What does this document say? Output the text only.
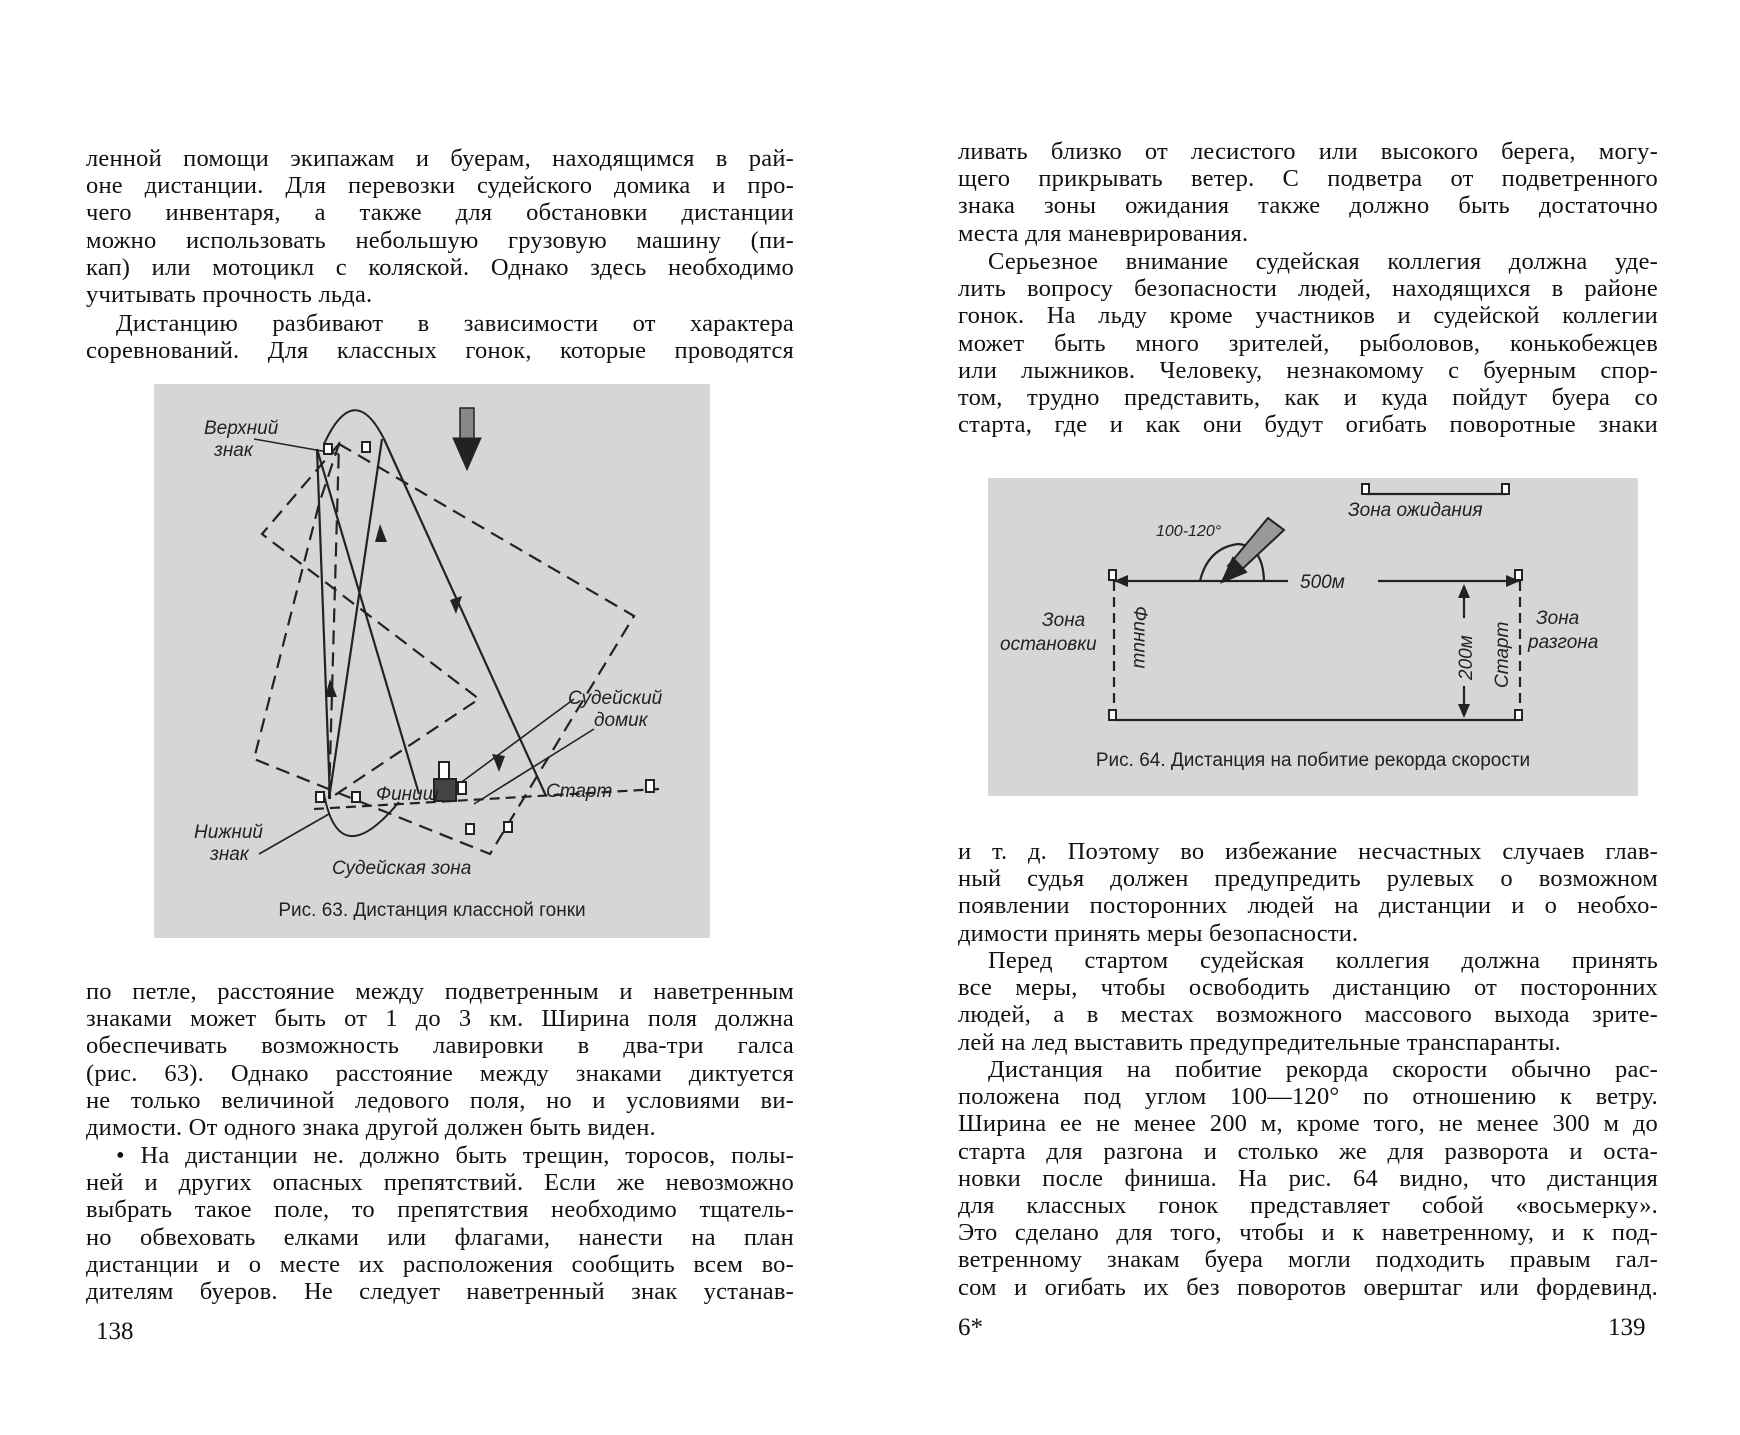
ленной помощи экипажам и буерам, находящимся в рай-
оне дистанции. Для перевозки судейского домика и про-
чего инвентаря, а также для обстановки дистанции
можно использовать небольшую грузовую машину (пи-
кап) или мотоцикл с коляской. Однако здесь необходимо
учитывать прочность льда.
Дистанцию разбивают в зависимости от характера
соревнований. Для классных гонок, которые проводятся
Верхний
знак
Судейский
домик
Финиш	Старт
Нижний
знак
Судейская зона
Рис. 63. Дистанция классной гонки
по петле, расстояние между подветренным и наветренным
знаками может быть от 1 до 3 км. Ширина поля должна
обеспечивать возможность лавировки в два-три галса
(рис. 63). Однако расстояние между знаками диктуется
не только величиной ледового поля, но и условиями ви-
димости. От одного знака другой должен быть виден.
• На дистанции не. должно быть трещин, торосов, полы-
ней и других опасных препятствий. Если же невозможно
выбрать такое поле, то препятствия необходимо тщатель-
но обвеховать елками или флагами, нанести на план
дистанции и о месте их расположения сообщить всем во-
дителям буеров. Не следует наветренный знак устанав-
138
ливать близко от лесистого или высокого берега, могу-
щего прикрывать ветер. С подветра от подветренного
знака зоны ожидания также должно быть достаточно
места для маневрирования.
Серьезное внимание судейская коллегия должна уде-
лить вопросу безопасности людей, находящихся в районе
гонок. На льду кроме участников и судейской коллегии
может быть много зрителей, рыболовов, конькобежцев
или лыжников. Человеку, незнакомому с буерным спор-
том, трудно представить, как и куда пойдут буера со
старта, где и как они будут огибать поворотные знаки
Зона ожидания
100-120°
500м
Зона
остановки Финиш	200м Старт
Зона
разгона
Рис. 64. Дистанция на побитие рекорда скорости
и т. д. Поэтому во избежание несчастных случаев глав-
ный судья должен предупредить рулевых о возможном
появлении посторонних людей на дистанции и о необхо-
димости принять меры безопасности.
Перед стартом судейская коллегия должна принять
все меры, чтобы освободить дистанцию от посторонних
людей, а в местах возможного массового выхода зрите-
лей на лед выставить предупредительные транспаранты.
Дистанция на побитие рекорда скорости обычно рас-
положена под углом 100—120° по отношению к ветру.
Ширина ее не менее 200 м, кроме того, не менее 300 м до
старта для разгона и столько же для разворота и оста-
новки после финиша. На рис. 64 видно, что дистанция
для классных гонок представляет собой «восьмерку».
Это сделано для того, чтобы и к наветренному, и к под-
ветренному знакам буера могли подходить правым гал-
сом и огибать их без поворотов оверштаг или фордевинд.
6*	139
